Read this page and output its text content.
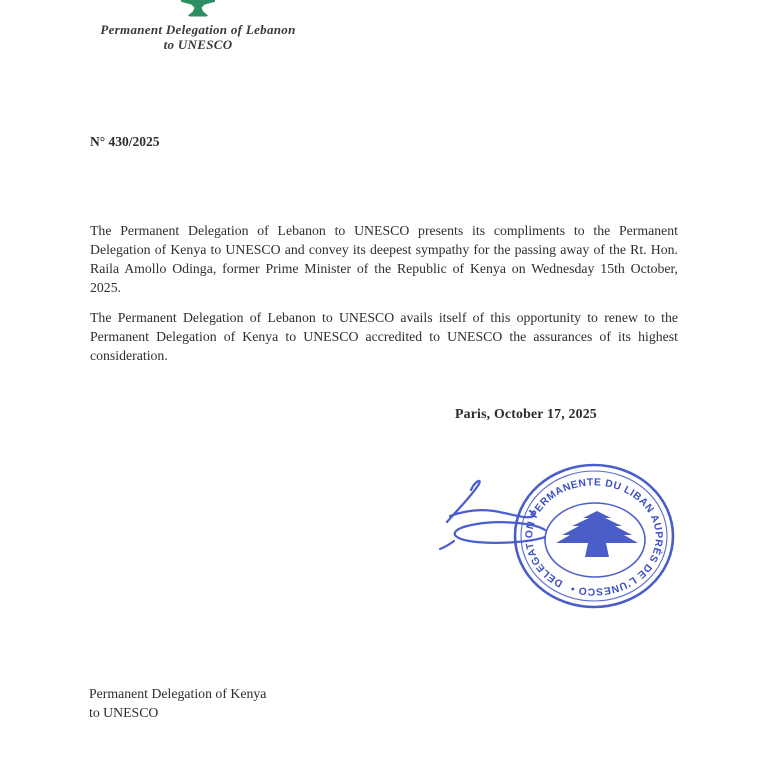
Permanent Delegation of Lebanon
to UNESCO
N° 430/2025

The Permanent Delegation of Lebanon to UNESCO presents its compliments to the Permanent Delegation of Kenya to UNESCO and convey its deepest sympathy for the passing away of the Rt. Hon. Raila Amollo Odinga, former Prime Minister of the Republic of Kenya on Wednesday 15th October, 2025.

The Permanent Delegation of Lebanon to UNESCO avails itself of this opportunity to renew to the Permanent Delegation of Kenya to UNESCO accredited to UNESCO the assurances of its highest consideration.

Paris, October 17, 2025
DELEGATION PERMANENTE DU LIBAN AUPRÈS DE L'UNESCO •
Permanent Delegation of Kenya
to UNESCO
